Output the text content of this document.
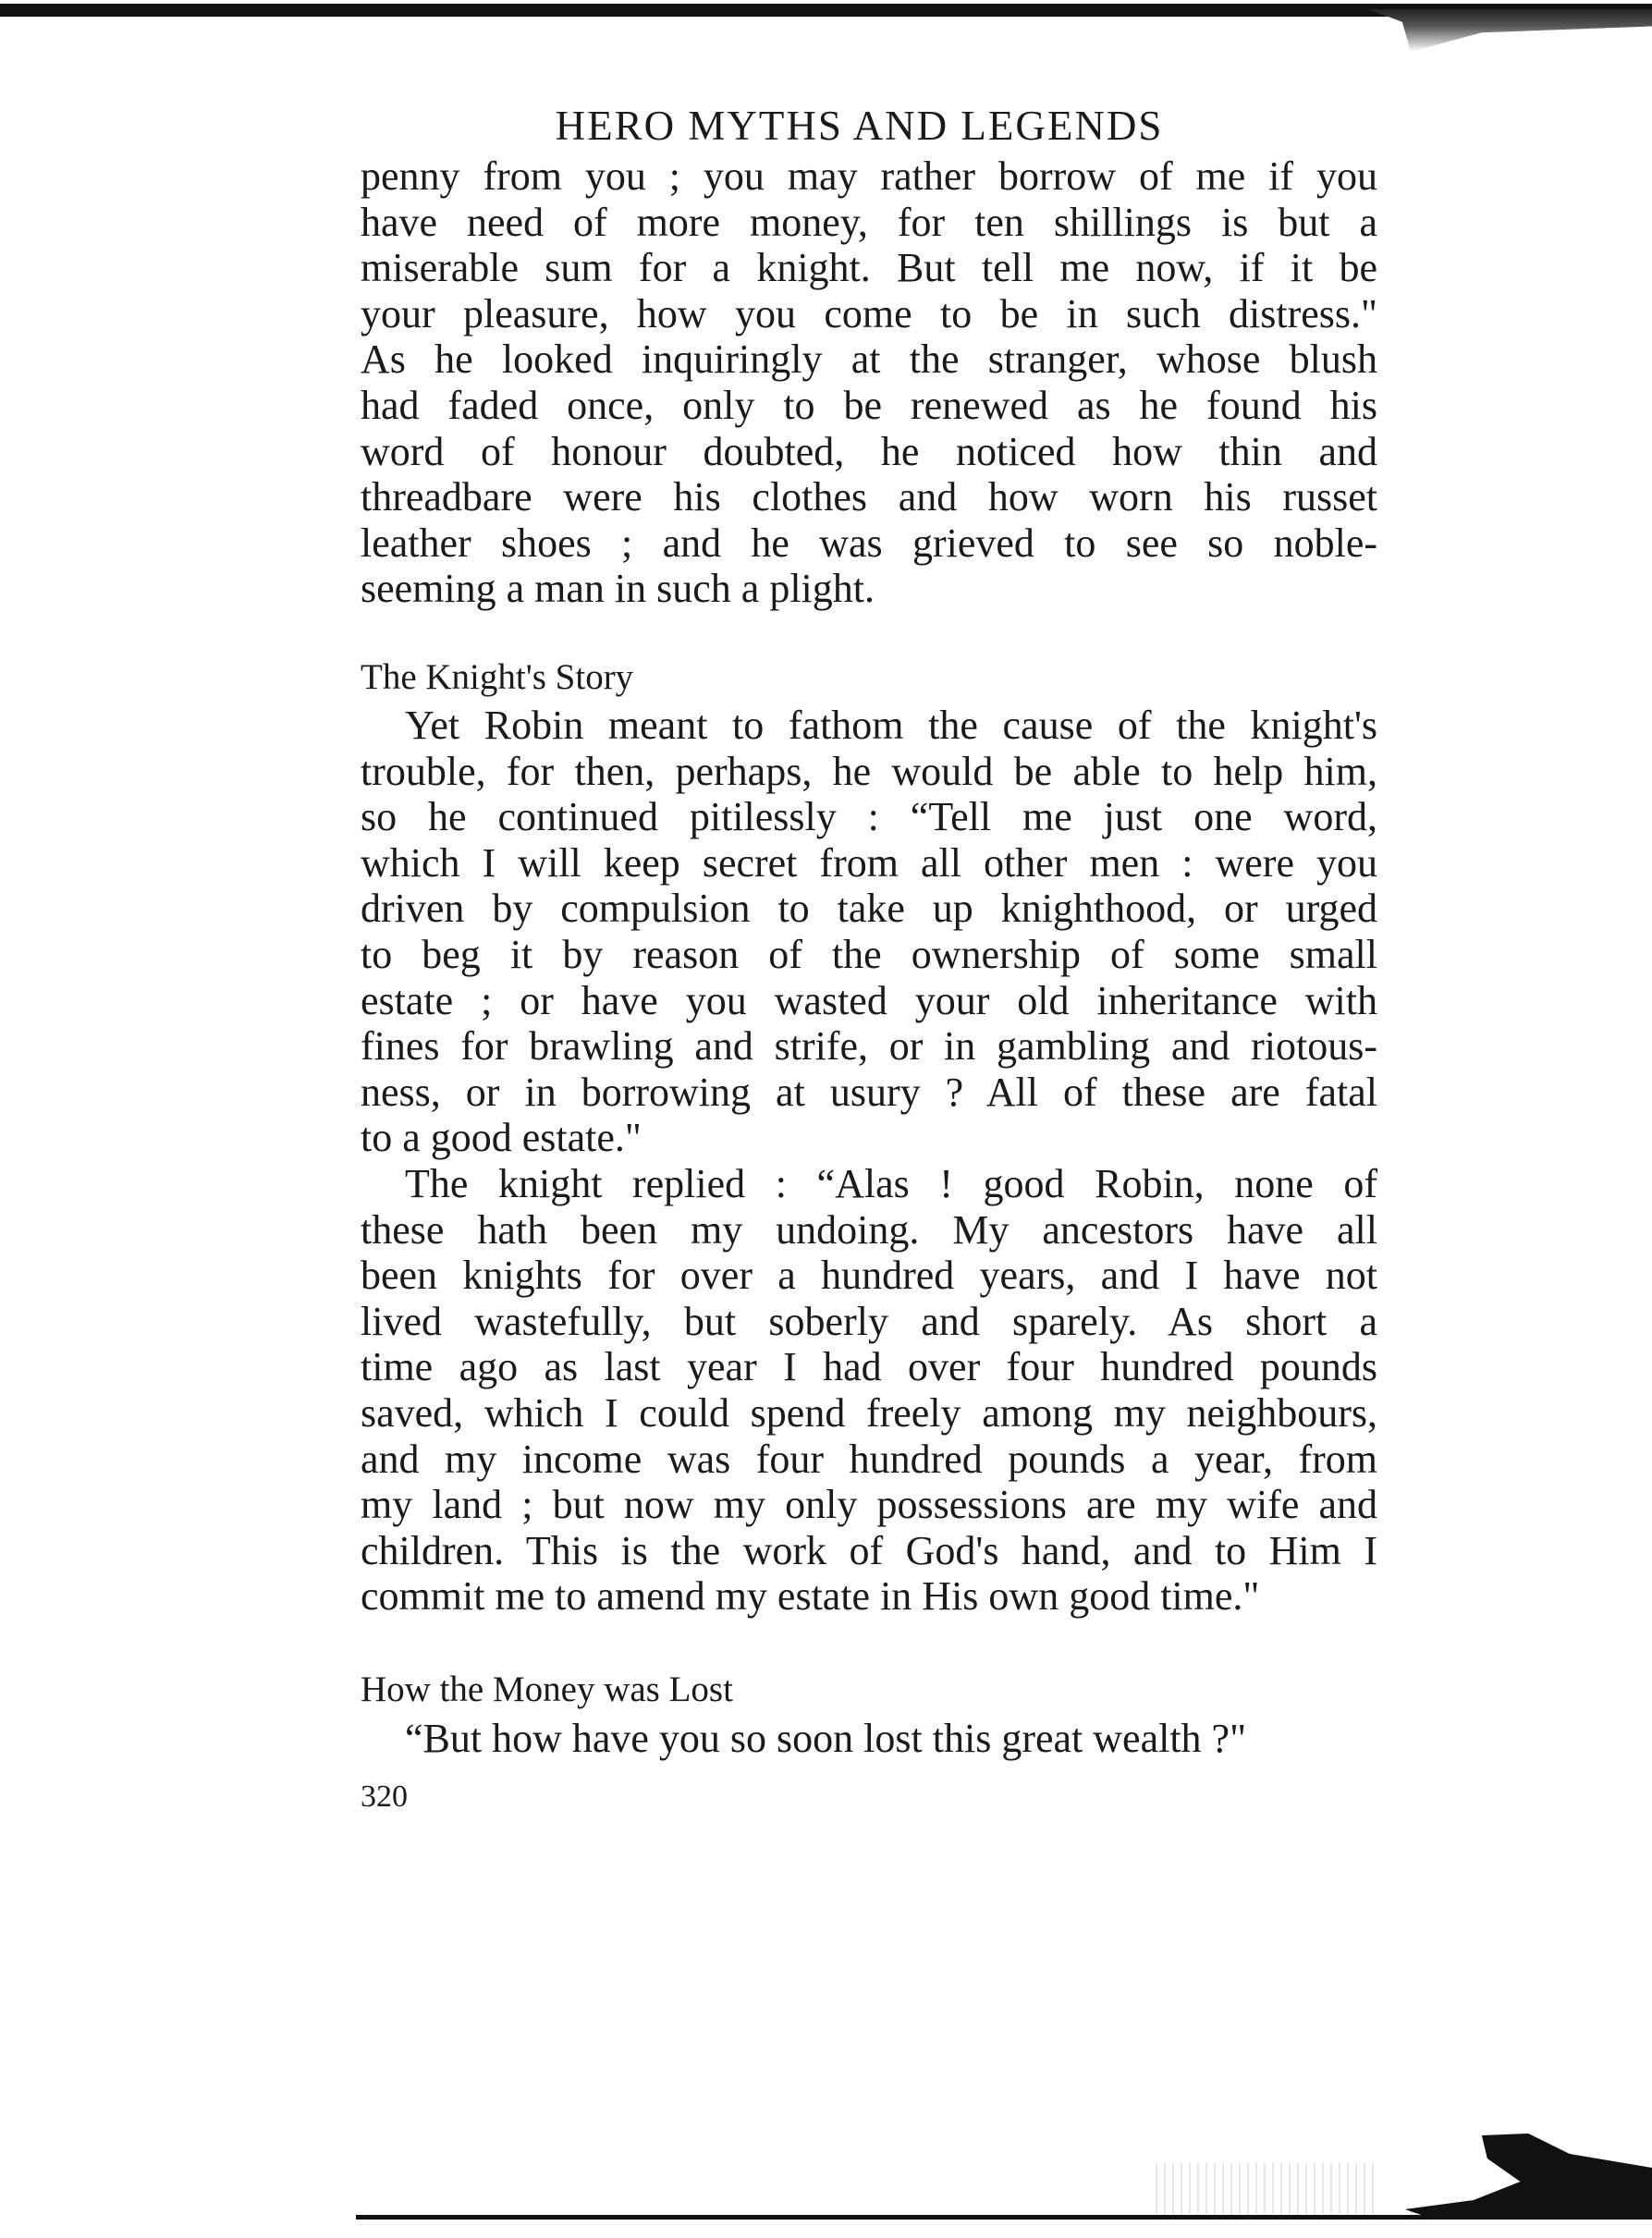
HERO MYTHS AND LEGENDS
penny from you ; you may rather borrow of me if you
have need of more money, for ten shillings is but a
miserable sum for a knight. But tell me now, if it be
your pleasure, how you come to be in such distress."
As he looked inquiringly at the stranger, whose blush
had faded once, only to be renewed as he found his
word of honour doubted, he noticed how thin and
threadbare were his clothes and how worn his russet
leather shoes ; and he was grieved to see so noble-
seeming a man in such a plight.
The Knight's Story
Yet Robin meant to fathom the cause of the knight's
trouble, for then, perhaps, he would be able to help him,
so he continued pitilessly : “Tell me just one word,
which I will keep secret from all other men : were you
driven by compulsion to take up knighthood, or urged
to beg it by reason of the ownership of some small
estate ; or have you wasted your old inheritance with
fines for brawling and strife, or in gambling and riotous-
ness, or in borrowing at usury ? All of these are fatal
to a good estate."
The knight replied : “Alas ! good Robin, none of
these hath been my undoing. My ancestors have all
been knights for over a hundred years, and I have not
lived wastefully, but soberly and sparely. As short a
time ago as last year I had over four hundred pounds
saved, which I could spend freely among my neighbours,
and my income was four hundred pounds a year, from
my land ; but now my only possessions are my wife and
children. This is the work of God's hand, and to Him I
commit me to amend my estate in His own good time."
How the Money was Lost
“But how have you so soon lost this great wealth ?"
320
